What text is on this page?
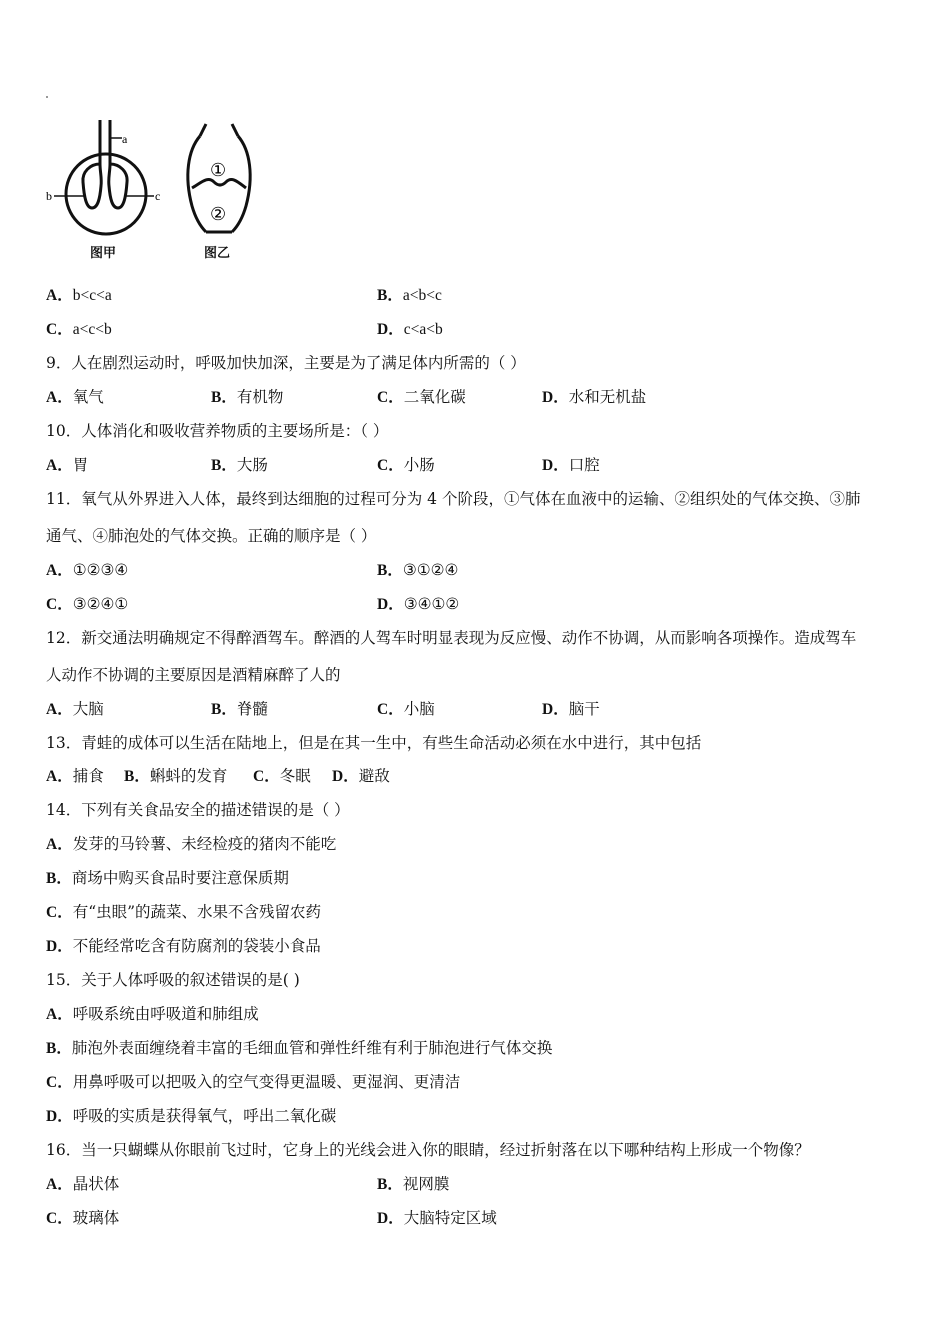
a
b	c
①
②
图甲	图乙
A．b<c<a	B．a<b<c
C．a<c<b	D．c<a<b
9．人在剧烈运动时，呼吸加快加深，主要是为了满足体内所需的（ ）
A．氧气	B．有机物	C．二氧化碳	D．水和无机盐
10．人体消化和吸收营养物质的主要场所是：（ ）
A．胃	B．大肠	C．小肠	D．口腔
11．氧气从外界进入人体，最终到达细胞的过程可分为 4 个阶段，①气体在血液中的运输、②组织处的气体交换、③肺
通气、④肺泡处的气体交换。正确的顺序是（ ）
A．①②③④	B．③①②④
C．③②④①	D．③④①②
12．新交通法明确规定不得醉酒驾车。醉酒的人驾车时明显表现为反应慢、动作不协调，从而影响各项操作。造成驾车
人动作不协调的主要原因是酒精麻醉了人的
A．大脑	B．脊髓	C．小脑	D．脑干
13．青蛙的成体可以生活在陆地上，但是在其一生中，有些生命活动必须在水中进行，其中包括
A．捕食 B．蝌蚪的发育 C．冬眠 D．避敌
14．下列有关食品安全的描述错误的是（ ）
A．发芽的马铃薯、未经检疫的猪肉不能吃
B．商场中购买食品时要注意保质期
C．有“虫眼”的蔬菜、水果不含残留农药
D．不能经常吃含有防腐剂的袋装小食品
15．关于人体呼吸的叙述错误的是( )
A．呼吸系统由呼吸道和肺组成
B．肺泡外表面缠绕着丰富的毛细血管和弹性纤维有利于肺泡进行气体交换
C．用鼻呼吸可以把吸入的空气变得更温暖、更湿润、更清洁
D．呼吸的实质是获得氧气，呼出二氧化碳
16．当一只蝴蝶从你眼前飞过时，它身上的光线会进入你的眼睛，经过折射落在以下哪种结构上形成一个物像？
A．晶状体	B．视网膜
C．玻璃体	D．大脑特定区域
